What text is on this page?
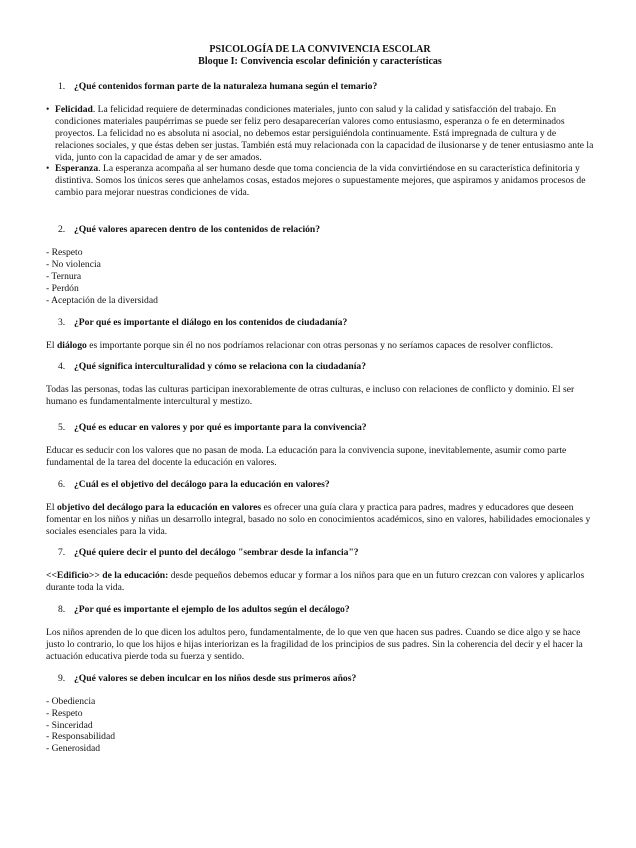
PSICOLOGÍA DE LA CONVIVENCIA ESCOLAR
Bloque I: Convivencia escolar definición y características
1. ¿Qué contenidos forman parte de la naturaleza humana según el temario?
• Felicidad. La felicidad requiere de determinadas condiciones materiales, junto con salud y la calidad y satisfacción del trabajo. En condiciones materiales paupérrimas se puede ser feliz pero desaparecerían valores como entusiasmo, esperanza o fe en determinados proyectos. La felicidad no es absoluta ni asocial, no debemos estar persiguiéndola continuamente. Está impregnada de cultura y de relaciones sociales, y que éstas deben ser justas. También está muy relacionada con la capacidad de ilusionarse y de tener entusiasmo ante la vida, junto con la capacidad de amar y de ser amados.
• Esperanza. La esperanza acompaña al ser humano desde que toma conciencia de la vida convirtiéndose en su característica definitoria y distintiva. Somos los únicos seres que anhelamos cosas, estados mejores o supuestamente mejores, que aspiramos y anidamos procesos de cambio para mejorar nuestras condiciones de vida.
2. ¿Qué valores aparecen dentro de los contenidos de relación?
- Respeto
- No violencia
- Ternura
- Perdón
- Aceptación de la diversidad
3. ¿Por qué es importante el diálogo en los contenidos de ciudadanía?

El diálogo es importante porque sin él no nos podríamos relacionar con otras personas y no seríamos capaces de resolver conflictos.

4. ¿Qué significa interculturalidad y cómo se relaciona con la ciudadanía?

Todas las personas, todas las culturas participan inexorablemente de otras culturas, e incluso con relaciones de conflicto y dominio. El ser humano es fundamentalmente intercultural y mestizo.

5. ¿Qué es educar en valores y por qué es importante para la convivencia?

Educar es seducir con los valores que no pasan de moda. La educación para la convivencia supone, inevitablemente, asumir como parte fundamental de la tarea del docente la educación en valores.

6. ¿Cuál es el objetivo del decálogo para la educación en valores?

El objetivo del decálogo para la educación en valores es ofrecer una guía clara y practica para padres, madres y educadores que deseen fomentar en los niños y niñas un desarrollo integral, basado no solo en conocimientos académicos, sino en valores, habilidades emocionales y sociales esenciales para la vida.

7. ¿Qué quiere decir el punto del decálogo "sembrar desde la infancia"?

<<Edificio>> de la educación: desde pequeños debemos educar y formar a los niños para que en un futuro crezcan con valores y aplicarlos durante toda la vida.

8. ¿Por qué es importante el ejemplo de los adultos según el decálogo?

Los niños aprenden de lo que dicen los adultos pero, fundamentalmente, de lo que ven que hacen sus padres. Cuando se dice algo y se hace justo lo contrario, lo que los hijos e hijas interiorizan es la fragilidad de los principios de sus padres. Sin la coherencia del decir y el hacer la actuación educativa pierde toda su fuerza y sentido.

9. ¿Qué valores se deben inculcar en los niños desde sus primeros años?
- Obediencia
- Respeto
- Sinceridad
- Responsabilidad
- Generosidad
